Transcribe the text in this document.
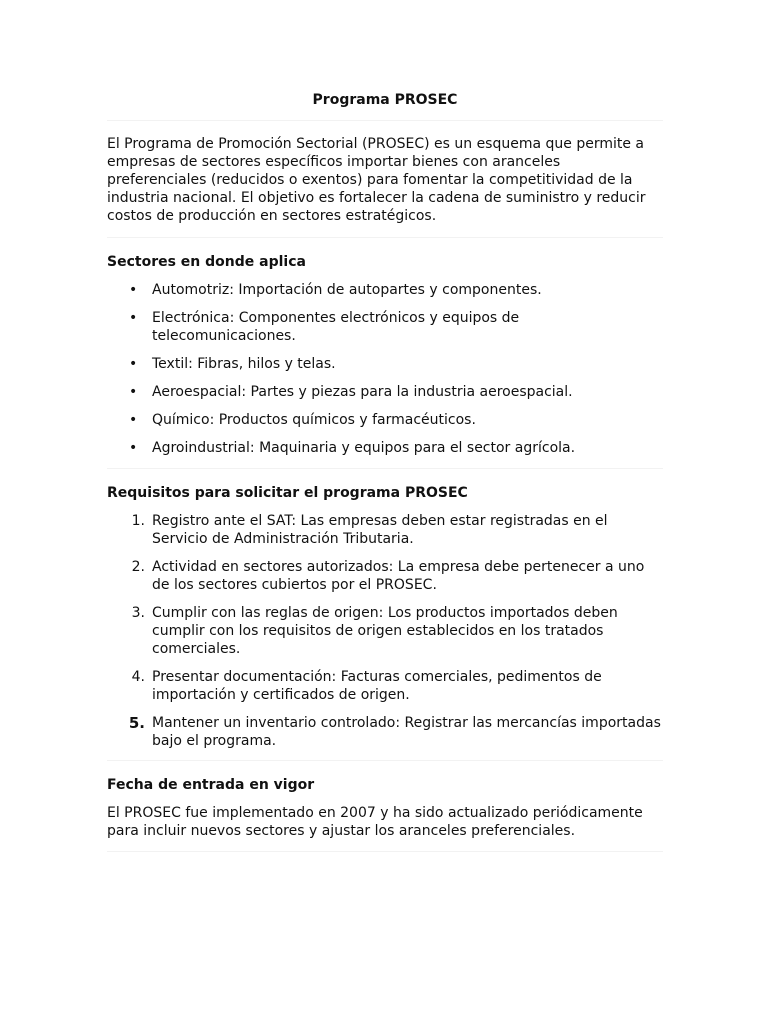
Programa PROSEC

El Programa de Promoción Sectorial (PROSEC) es un esquema que permite a empresas de sectores específicos importar bienes con aranceles preferenciales (reducidos o exentos) para fomentar la competitividad de la industria nacional. El objetivo es fortalecer la cadena de suministro y reducir costos de producción en sectores estratégicos.

Sectores en donde aplica
• Automotriz: Importación de autopartes y componentes.
• Electrónica: Componentes electrónicos y equipos de telecomunicaciones.
• Textil: Fibras, hilos y telas.
• Aeroespacial: Partes y piezas para la industria aeroespacial.
• Químico: Productos químicos y farmacéuticos.
• Agroindustrial: Maquinaria y equipos para el sector agrícola.
Requisitos para solicitar el programa PROSEC
1. Registro ante el SAT: Las empresas deben estar registradas en el Servicio de Administración Tributaria.
2. Actividad en sectores autorizados: La empresa debe pertenecer a uno de los sectores cubiertos por el PROSEC.
3. Cumplir con las reglas de origen: Los productos importados deben cumplir con los requisitos de origen establecidos en los tratados comerciales.
4. Presentar documentación: Facturas comerciales, pedimentos de importación y certificados de origen.
5. Mantener un inventario controlado: Registrar las mercancías importadas bajo el programa.
Fecha de entrada en vigor

El PROSEC fue implementado en 2007 y ha sido actualizado periódicamente para incluir nuevos sectores y ajustar los aranceles preferenciales.
